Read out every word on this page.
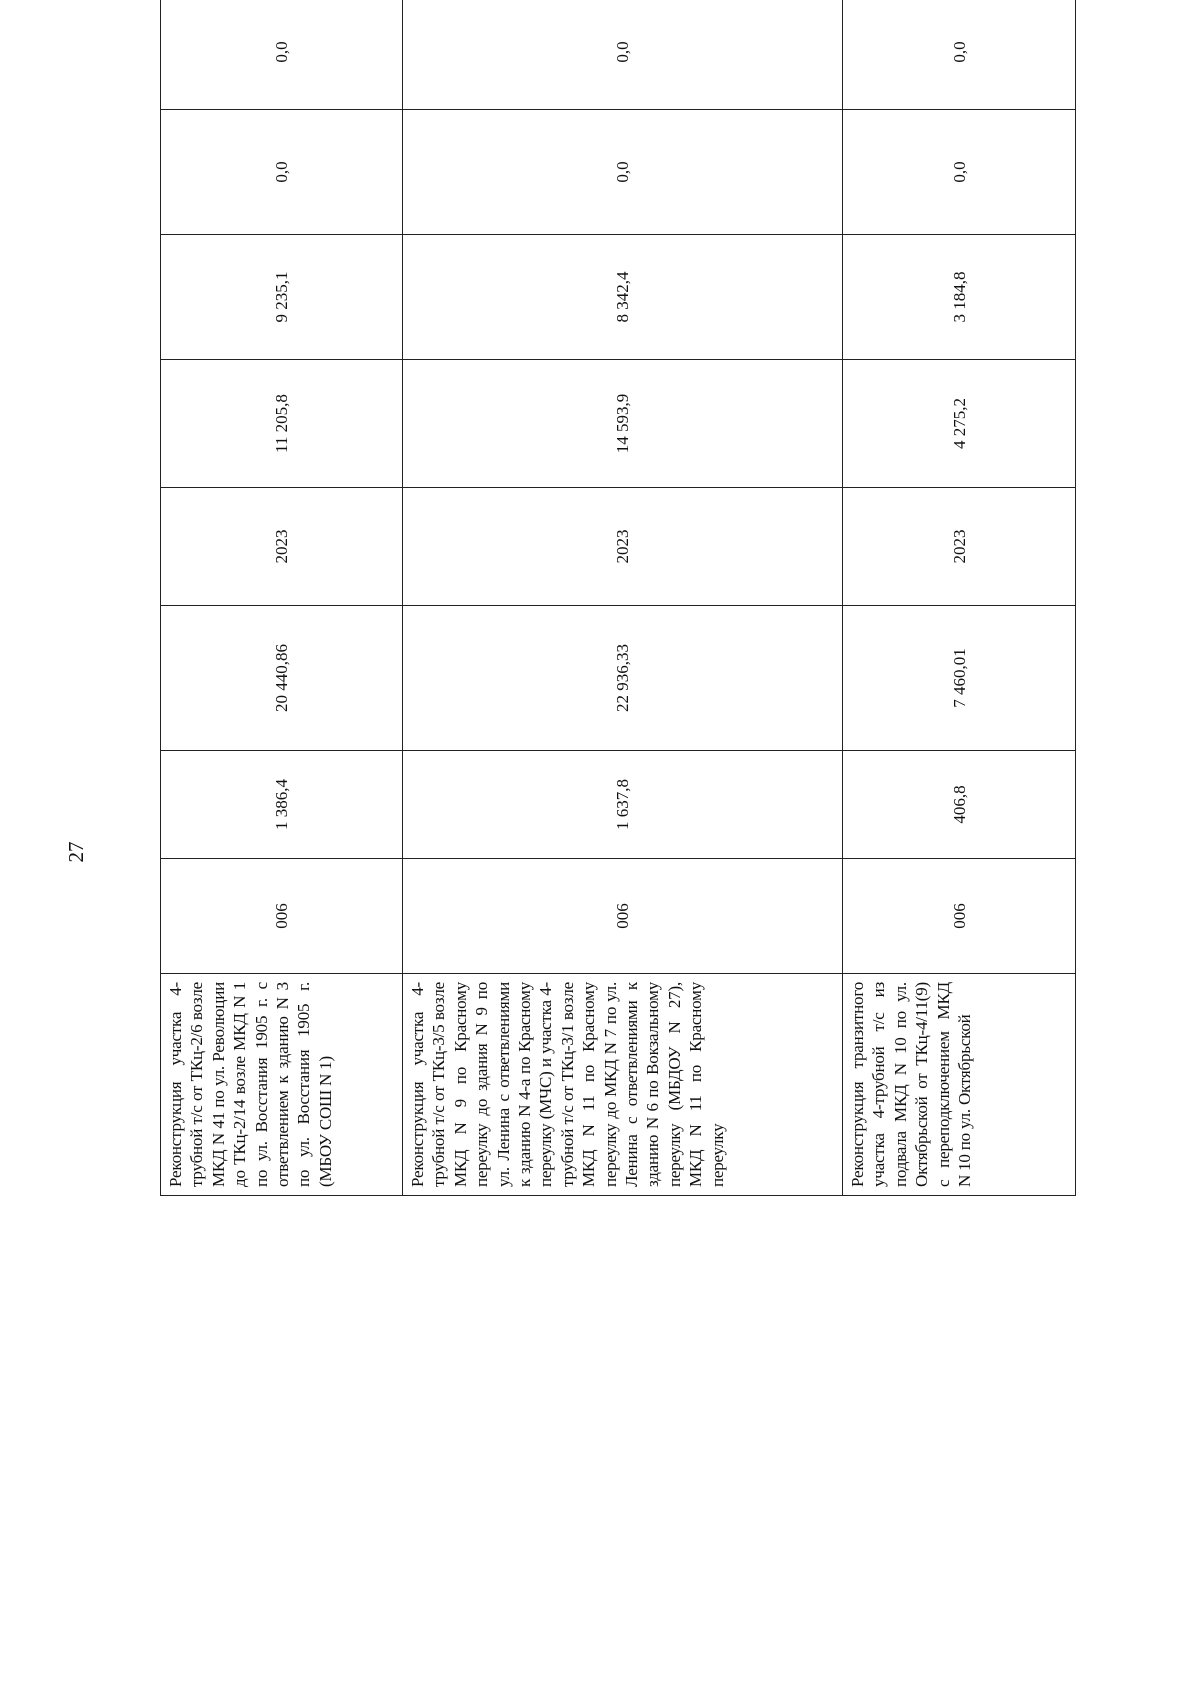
27
Реконструкция участка 4-трубной т/с от ТКц-2/6 возле МКД N 41 по ул. Революции до ТКц-2/14 возле МКД N 1 по ул. Восстания 1905 г. с ответвлением к зданию N 3 по ул. Восстания 1905 г. (МБОУ СОШ N 1)	006	1 386,4	20 440,86	2023	11 205,8	9 235,1	0,0	0,0	
Реконструкция участка 4-трубной т/с от ТКц-3/5 возле МКД N 9 по Красному переулку до здания N 9 по ул. Ленина с ответвлениями к зданию N 4-а по Красному переулку (МЧС) и участка 4-трубной т/с от ТКц-3/1 возле МКД N 11 по Красному переулку до МКД N 7 по ул. Ленина с ответвлениями к зданию N 6 по Вокзальному переулку (МБДОУ N 27), МКД N 11 по Красному переулку	006	1 637,8	22 936,33	2023	14 593,9	8 342,4	0,0	0,0	
Реконструкция транзитного участка 4-трубной т/с из подвала МКД N 10 по ул. Октябрьской от ТКц-4/11(9) с переподключением МКД N 10 по ул. Октябрьской	006	406,8	7 460,01	2023	4 275,2	3 184,8	0,0	0,0	
